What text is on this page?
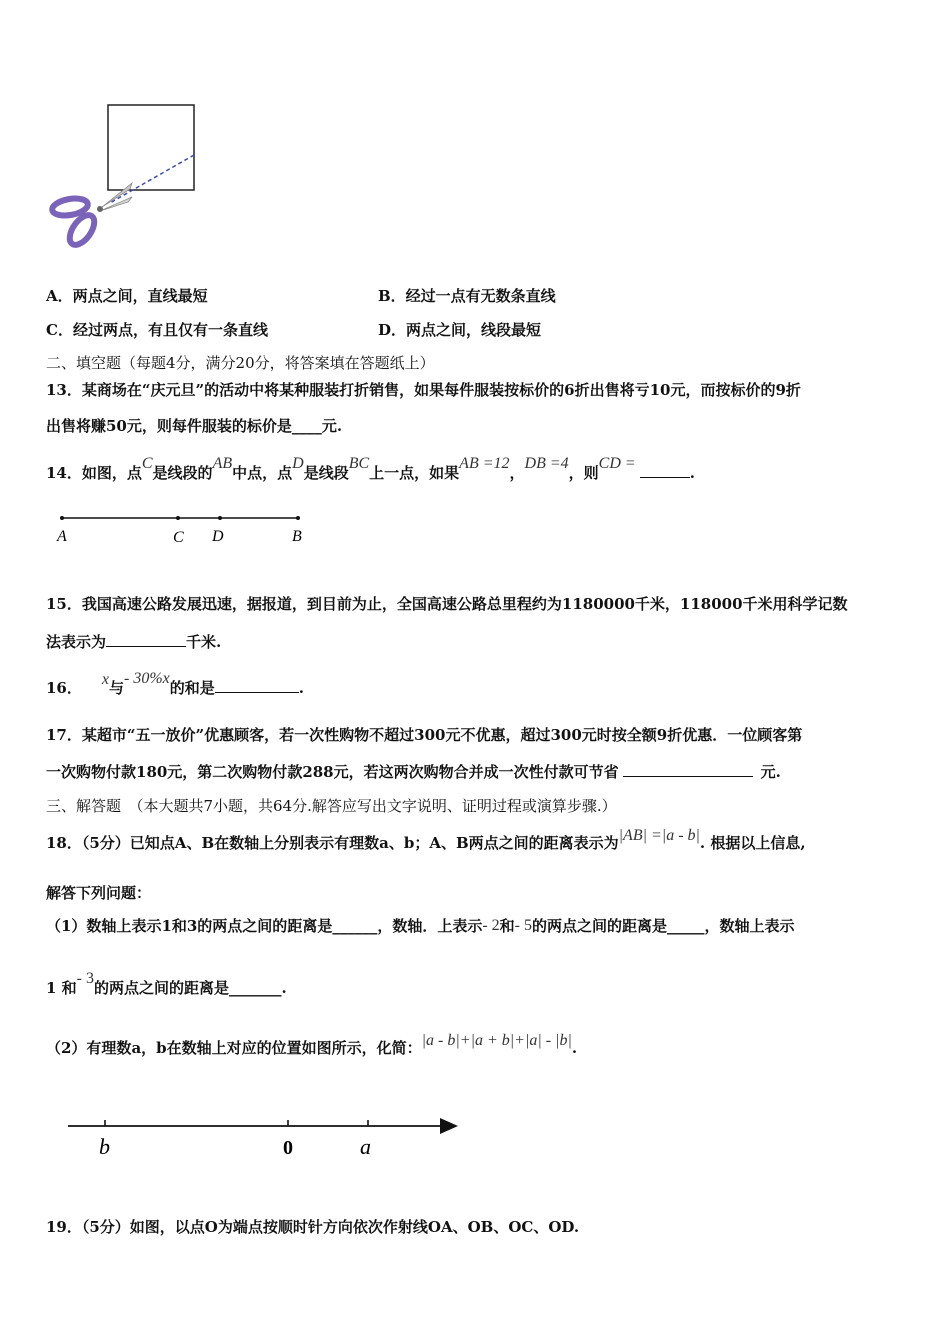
A．两点之间，直线最短	B．经过一点有无数条直线
C．经过两点，有且仅有一条直线	D．两点之间，线段最短
二、填空题（每题4分，满分20分，将答案填在答题纸上）
13．某商场在“庆元旦”的活动中将某种服装打折销售，如果每件服装按标价的6折出售将亏10元，而按标价的9折
出售将赚50元，则每件服装的标价是____元.
14．如图，点C是线段的AB中点，点D是线段BC上一点，如果AB =12，DB =4，则CD =.
A	C D	B
15．我国高速公路发展迅速，据报道，到目前为止，全国高速公路总里程约为1180000千米，118000千米用科学记数
法表示为	千米.
16． x与- 30%x的和是	.
17．某超市“五一放价”优惠顾客，若一次性购物不超过300元不优惠，超过300元时按全额9折优惠．一位顾客第
一次购物付款180元，第二次购物付款288元，若这两次购物合并成一次性付款可节省	元.
三、解答题　（本大题共7小题，共64分.解答应写出文字说明、证明过程或演算步骤.）
18．（5分）已知点A、B在数轴上分别表示有理数a、b；A、B两点之间的距离表示为|AB| =|a - b|. 根据以上信息,
解答下列问题：
（1）数轴上表示1和3的两点之间的距离是______，数轴．上表示- 2和- 5的两点之间的距离是_____，数轴上表示
1 和- 3的两点之间的距离是_______.
（2）有理数a，b在数轴上对应的位置如图所示，化简：|a - b|+|a + b|+|a| - |b|.
b	0	a
19．（5分）如图，以点O为端点按顺时针方向依次作射线OA、OB、OC、OD.
